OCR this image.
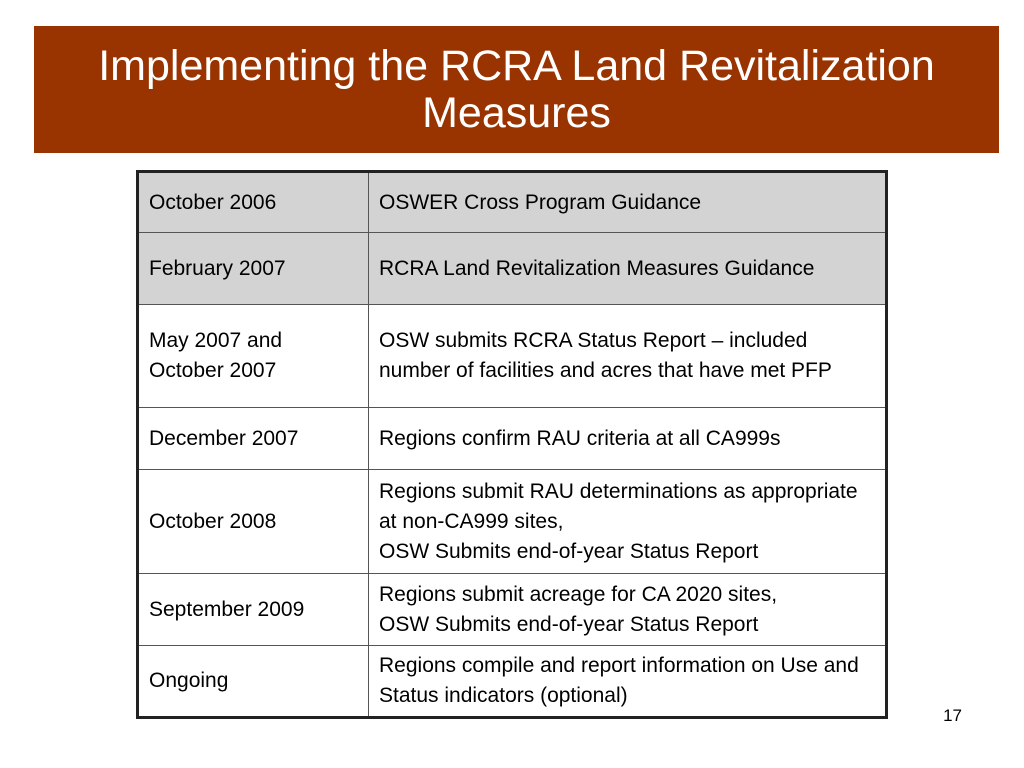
Implementing the RCRA Land Revitalization
Measures
October 2006	OSWER Cross Program Guidance
February 2007	RCRA Land Revitalization Measures Guidance
May 2007 and October 2007	OSW submits RCRA Status Report – included number of facilities and acres that have met PFP
December 2007	Regions confirm RAU criteria at all CA999s
October 2008	Regions submit RAU determinations as appropriate at non-CA999 sites,
OSW Submits end-of-year Status Report

September 2009	Regions submit acreage for CA 2020 sites,
OSW Submits end-of-year Status Report

Ongoing	Regions compile and report information on Use and Status indicators (optional)
17
